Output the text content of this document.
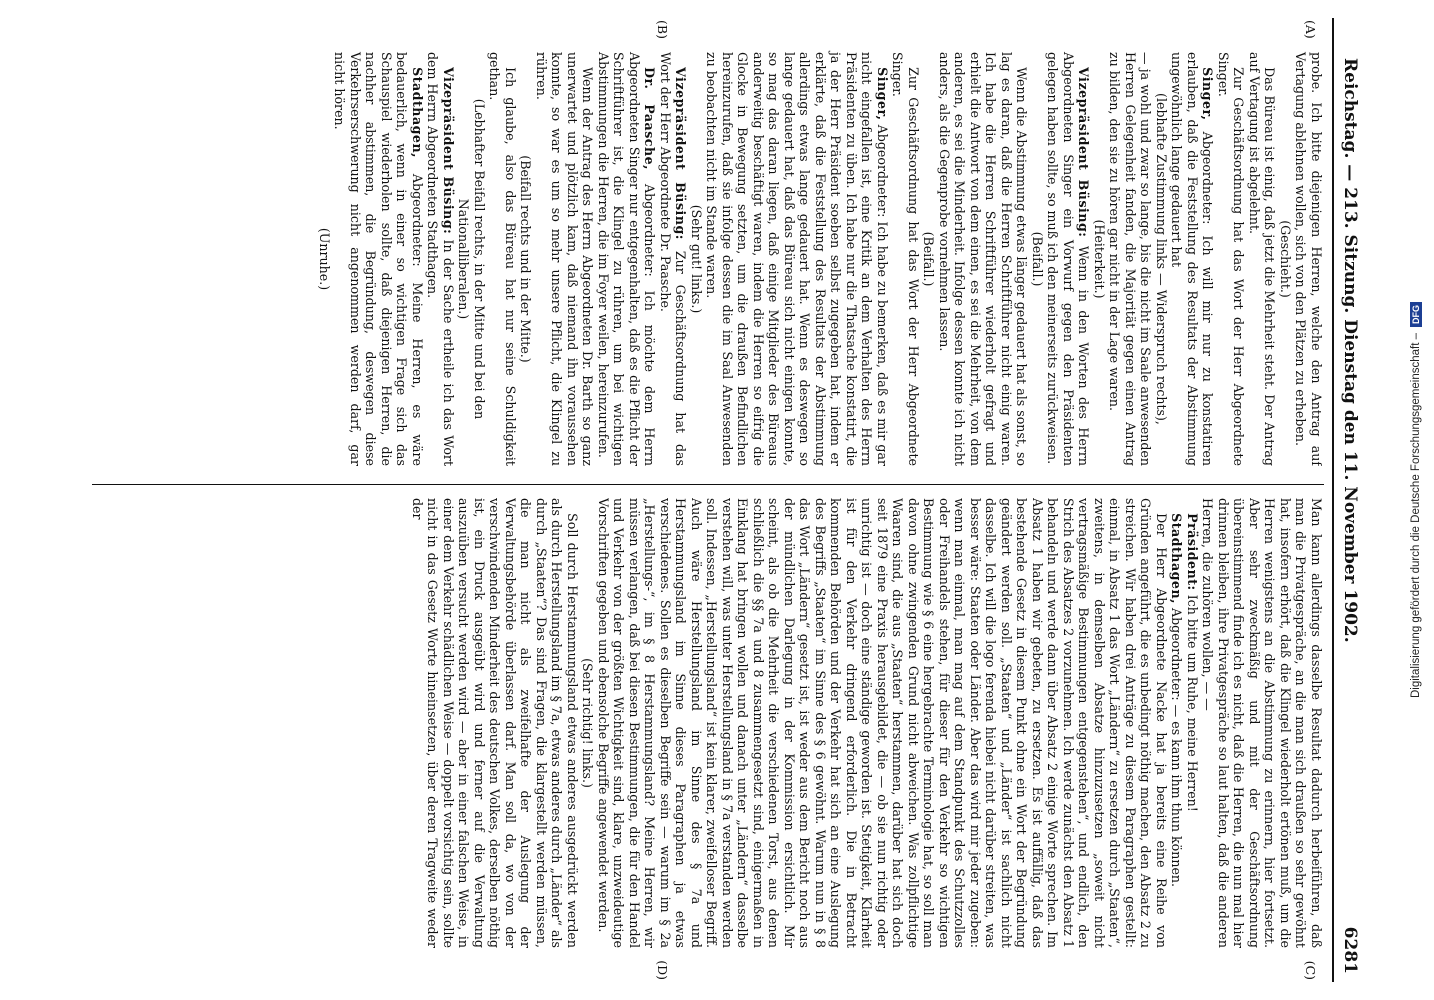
Digitalisierung gefördert durch die Deutsche Forschungsgemeinschaft –
DFG
Reichstag. — 213. Sitzung. Dienstag den 11. November 1902.
6281
(A)
(B)
(C)
(D)

probe. Ich bitte diejenigen Herren, welche den Antrag auf Vertagung ablehnen wollen, sich von den Plätzen zu erheben.

(Geschieht.)

Das Büreau ist einig, daß jetzt die Mehrheit steht. Der Antrag auf Vertagung ist abgelehnt.

Zur Geschäftsordnung hat das Wort der Herr Abgeordnete Singer.

Singer, Abgeordneter: Ich will mir nur zu konstatiren erlauben, daß die Feststellung des Resultats der Abstimmung ungewöhnlich lange gedauert hat

(lebhafte Zustimmung links — Widerspruch rechts),

— ja wohl und zwar so lange, bis die nicht im Saale anwesenden Herren Gelegenheit fanden, die Majorität gegen einen Antrag zu bilden, den sie zu hören gar nicht in der Lage waren.

(Heiterkeit.)

Vizepräsident Büsing: Wenn in den Worten des Herrn Abgeordneten Singer ein Vorwurf gegen den Präsidenten gelegen haben sollte, so muß ich den meinerseits zurückweisen.

(Beifall.)

Wenn die Abstimmung etwas länger gedauert hat als sonst, so lag es daran, daß die Herren Schriftführer nicht einig waren. Ich habe die Herren Schriftführer wiederholt gefragt und erhielt die Antwort von dem einen, es sei die Mehrheit, von dem anderen, es sei die Minderheit. Infolge dessen konnte ich nicht anders, als die Gegenprobe vornehmen lassen.

(Beifall.)

Zur Geschäftsordnung hat das Wort der Herr Abgeordnete Singer.

Singer, Abgeordneter: Ich habe zu bemerken, daß es mir gar nicht eingefallen ist, eine Kritik an dem Verhalten des Herrn Präsidenten zu üben. Ich habe nur die Thatsache konstatirt, die ja der Herr Präsident soeben selbst zugegeben hat, indem er erklärte, daß die Feststellung des Resultats der Abstimmung allerdings etwas lange gedauert hat. Wenn es deswegen so lange gedauert hat, daß das Büreau sich nicht einigen konnte, so mag das daran liegen, daß einige Mitglieder des Büreaus anderweitig beschäftigt waren, indem die Herren so eifrig die Glocke in Bewegung setzten, um die draußen Befindlichen hereinzurufen, daß sie infolge dessen die im Saal Anwesenden zu beobachten nicht im Stande waren.

(Sehr gut! links.)

Vizepräsident Büsing: Zur Geschäftsordnung hat das Wort der Herr Abgeordnete Dr. Paasche.

Dr. Paasche, Abgeordneter: Ich möchte dem Herrn Abgeordneten Singer nur entgegenhalten, daß es die Pflicht der Schriftführer ist, die Klingel zu rühren, um bei wichtigen Abstimmungen die Herren, die im Foyer weilen, hereinzurufen.

Wenn der Antrag des Herrn Abgeordneten Dr. Barth so ganz unerwartet und plötzlich kam, daß niemand ihn voraussehen konnte, so war es um so mehr unsere Pflicht, die Klingel zu rühren.

(Beifall rechts und in der Mitte.)

Ich glaube, also das Büreau hat nur seine Schuldigkeit gethan.

(Lebhafter Beifall rechts, in der Mitte und bei den Nationalliberalen.)

Vizepräsident Büsing: In der Sache ertheile ich das Wort dem Herrn Abgeordneten Stadthagen.

Stadthagen, Abgeordneter: Meine Herren, es wäre bedauerlich, wenn in einer so wichtigen Frage sich das Schauspiel wiederholen sollte, daß diejenigen Herren, die nachher abstimmen, die Begründung, deswegen diese Verkehrserschwerung nicht angenommen werden darf, gar nicht hören.

(Unruhe.)

Man kann allerdings dasselbe Resultat dadurch herbeiführen, daß man die Privatgespräche, an die man sich draußen so sehr gewöhnt hat, insofern erhört, daß die Klingel wiederholt ertönen muß, um die Herren wenigstens an die Abstimmung zu erinnern, hier fortsetzt. Aber sehr zweckmäßig und mit der Geschäftsordnung übereinstimmend finde ich es nicht, daß die Herren, die nun mal hier drinnen bleiben, ihre Privatgespräche so laut halten, daß die anderen Herren, die zuhören wollen, — —

Präsident: Ich bitte um Ruhe, meine Herren!

Stadthagen, Abgeordneter: — es kann ihm thun können.

Der Herr Abgeordnete Nacke hat ja bereits eine Reihe von Gründen angeführt, die es unbedingt nöthig machen, den Absatz 2 zu streichen. Wir haben drei Anträge zu diesem Paragraphen gestellt: einmal, in Absatz 1 das Wort „Ländern“ zu ersetzen durch „Staaten“, zweitens, in demselben Absatze hinzuzusetzen „soweit nicht vertragsmäßige Bestimmungen entgegenstehen“, und endlich, den Strich des Absatzes 2 vorzunehmen. Ich werde zunächst den Absatz 1 behandeln und werde dann über Absatz 2 einige Worte sprechen. Im Absatz 1 haben wir gebeten, zu ersetzen. Es ist auffällig, daß das bestehende Gesetz in diesem Punkt ohne ein Wort der Begründung geändert werden soll. „Staaten“ und „Länder“ ist sachlich nicht dasselbe. Ich will die logo ferenda hiebei nicht darüber streiten, was besser wäre: Staaten oder Länder. Aber das wird mir jeder zugeben: wenn man einmal, man mag auf dem Standpunkt des Schutzzolles oder Freihandels stehen, für dieser für den Verkehr so wichtigen Bestimmung wie § 6 eine hergebrachte Terminologie hat, so soll man davon ohne zwingenden Grund nicht abweichen. Was zollpflichtige Waaren sind, die aus „Staaten“ herstammen, darüber hat sich doch seit 1879 eine Praxis herausgebildet, die — ob sie nun richtig oder unrichtig ist — doch eine ständige geworden ist. Stetigkeit, Klarheit ist für den Verkehr dringend erforderlich. Die in Betracht kommenden Behörden und der Verkehr hat sich an eine Auslegung des Begriffs „Staaten“ im Sinne des § 6 gewöhnt. Warum nun in § 8 das Wort „Ländern“ gesetzt ist, ist weder aus dem Bericht noch aus der mündlichen Darlegung in der Kommission ersichtlich. Mir scheint, als ob die Mehrheit die verschiedenen Torst, aus denen schließlich die §§ 7a und 8 zusammengesetzt sind, einigermaßen in Einklang hat bringen wollen und danach unter „Ländern“ dasselbe verstehen will, was unter Herstellungsland in § 7a verstanden werden soll. Indessen, „Herstellungsland“ ist kein klarer, zweifelloser Begriff. Auch wäre Herstellungsland im Sinne des § 7a und Herstammungsland im Sinne dieses Paragraphen ja etwas verschiedenes. Sollen es dieselben Begriffe sein — warum im § 2a „Herstellungs-“, im § 8 Herstammungsland? Meine Herren, wir müssen verlangen, daß bei diesen Bestimmungen, die für den Handel und Verkehr von der größten Wichtigkeit sind, klare, unzweideutige Vorschriften gegeben und ebensolche Begriffe angewendet werden.

(Sehr richtig! links.)

Soll durch Herstammungsland etwas anderes ausgedrückt werden als durch Herstellungsland im § 7a, etwas anderes durch „Länder“ als durch „Staaten“? Das sind Fragen, die klargestellt werden müssen, die man nicht als zweifelhafte der Auslegung der Verwaltungsbehörde überlassen darf. Man soll da, wo von der verschwindenden Minderheit des deutschen Volkes, derselben nöthig ist, ein Druck ausgeübt wird und ferner auf die Verwaltung auszuüben versucht werden wird — aber in einer falschen Weise, in einer dem Verkehr schädlichen Weise — doppelt vorsichtig sein, sollte nicht in das Gesetz Worte hineinsetzen, über deren Tragweite weder der
